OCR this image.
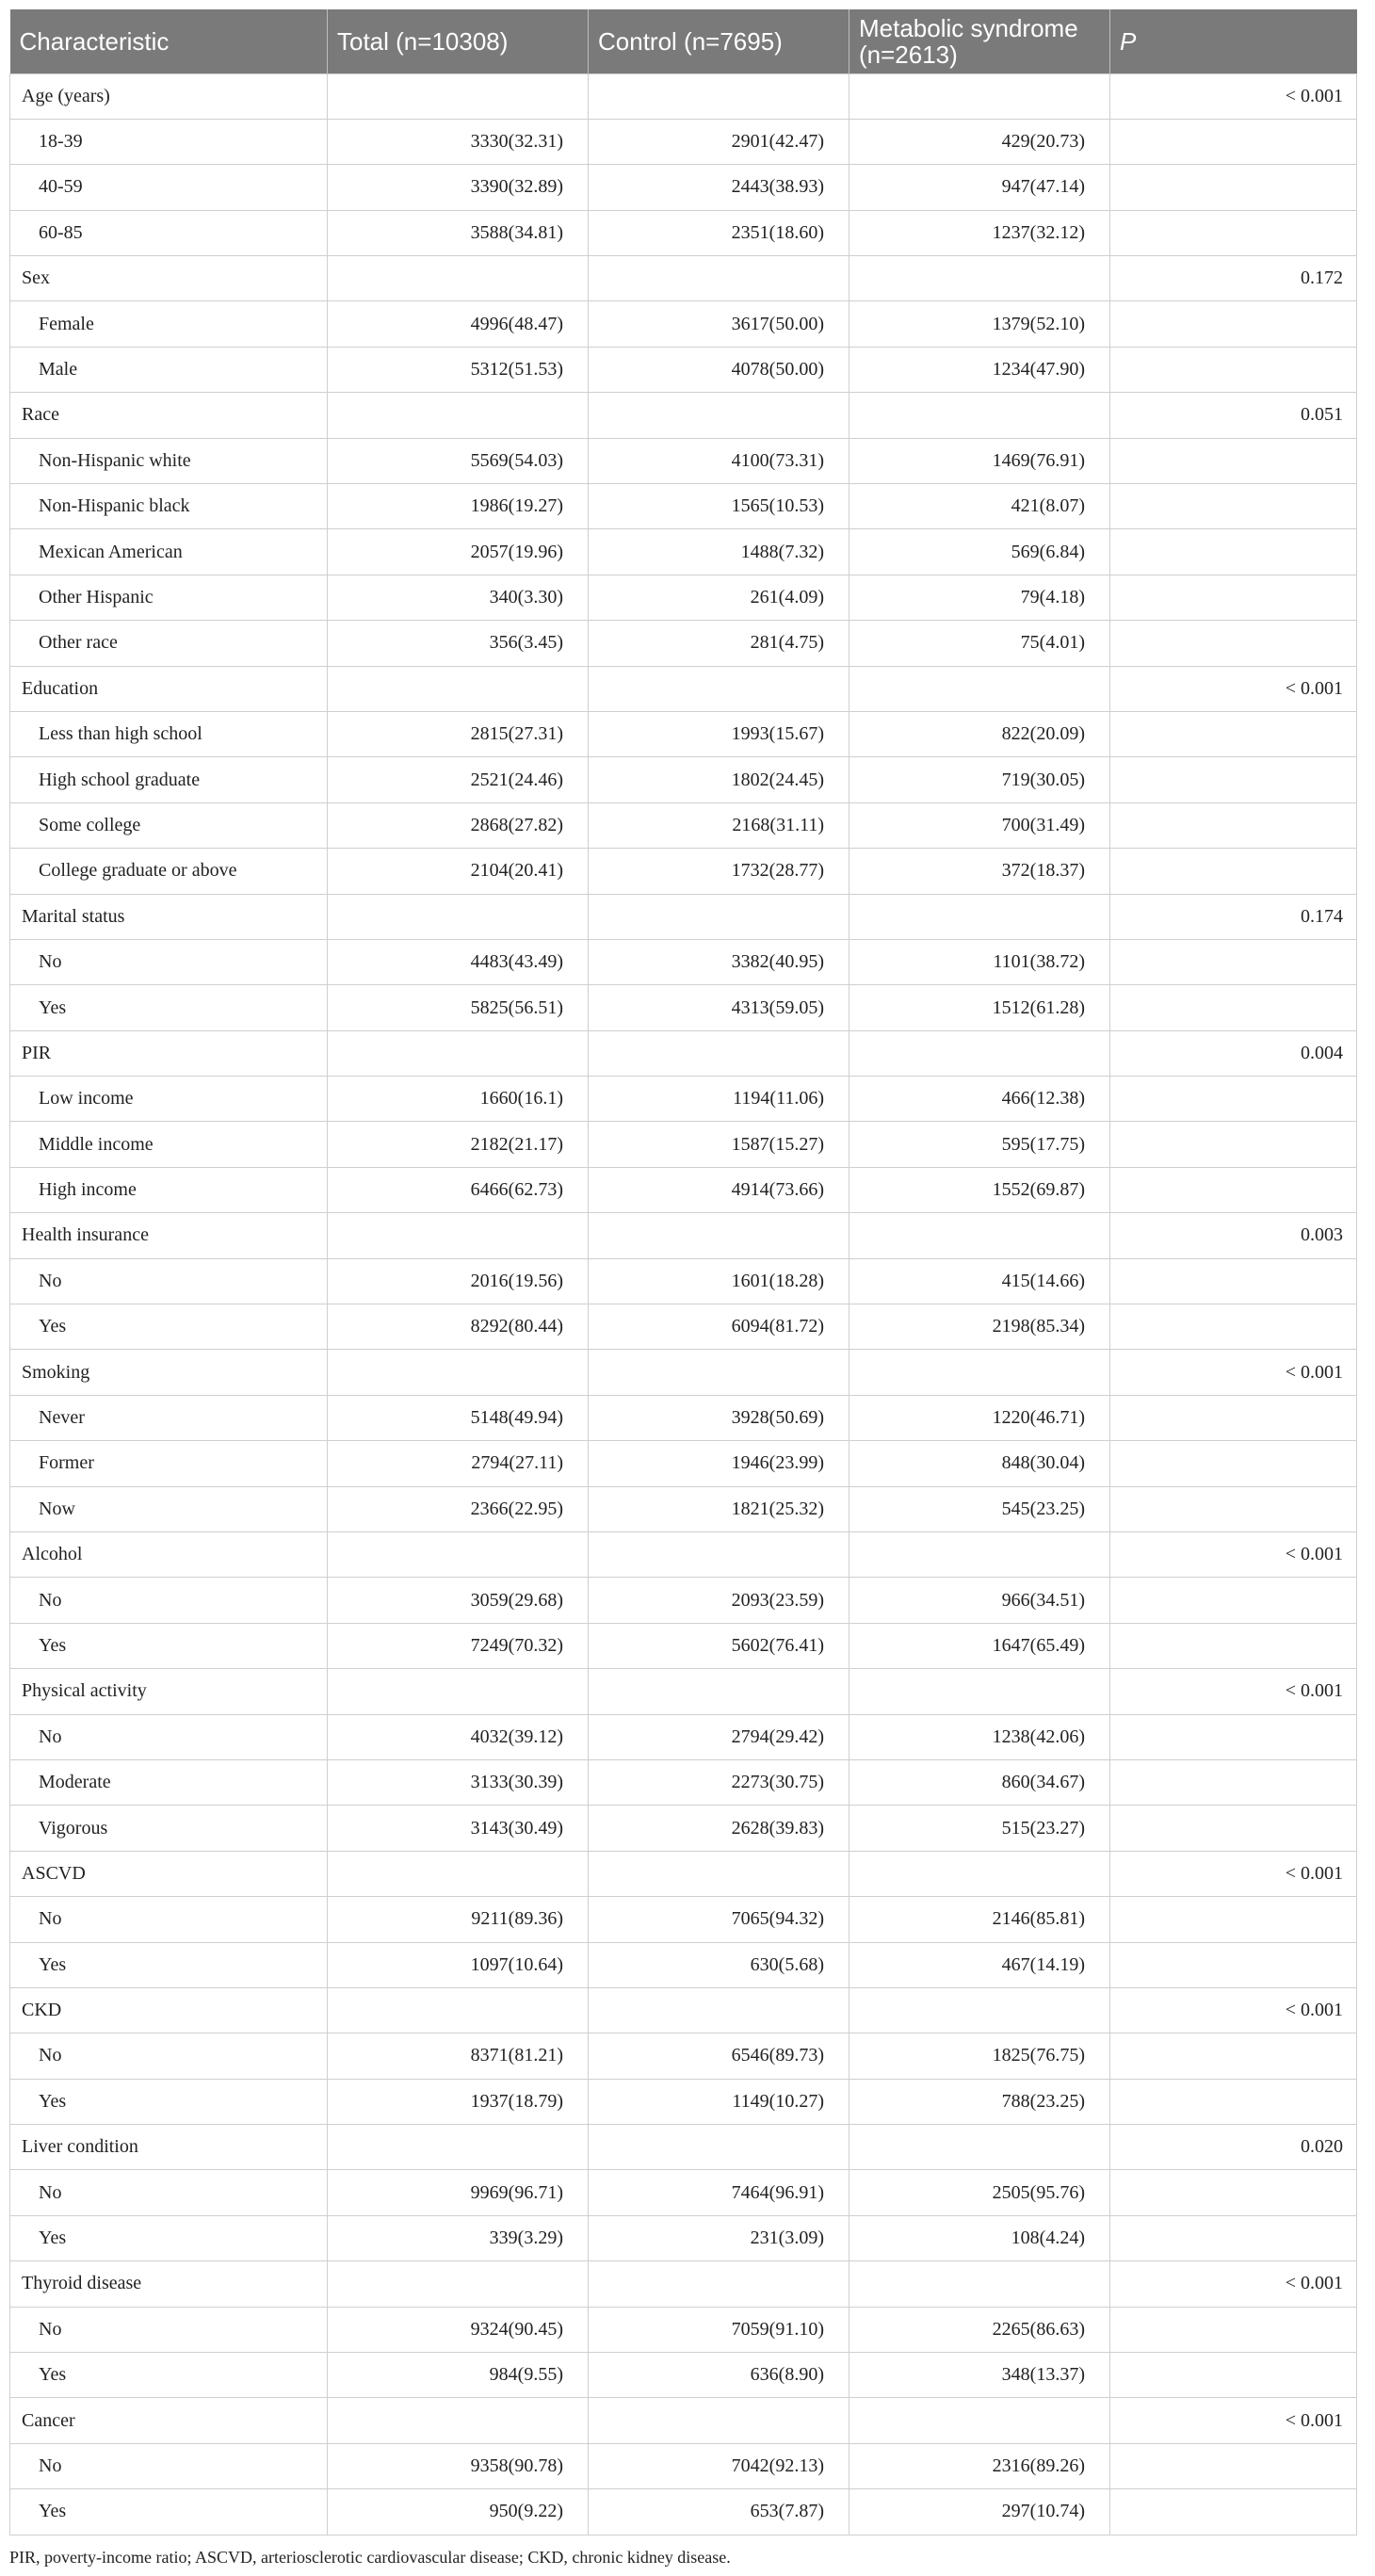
Characteristic	Total (n=10308)	Control (n=7695)	Metabolic syndrome (n=2613)	P
Age (years)				< 0.001
18-39	3330(32.31)	2901(42.47)	429(20.73)	
40-59	3390(32.89)	2443(38.93)	947(47.14)	
60-85	3588(34.81)	2351(18.60)	1237(32.12)	
Sex				0.172
Female	4996(48.47)	3617(50.00)	1379(52.10)	
Male	5312(51.53)	4078(50.00)	1234(47.90)	
Race				0.051
Non-Hispanic white	5569(54.03)	4100(73.31)	1469(76.91)	
Non-Hispanic black	1986(19.27)	1565(10.53)	421(8.07)	
Mexican American	2057(19.96)	1488(7.32)	569(6.84)	
Other Hispanic	340(3.30)	261(4.09)	79(4.18)	
Other race	356(3.45)	281(4.75)	75(4.01)	
Education				< 0.001
Less than high school	2815(27.31)	1993(15.67)	822(20.09)	
High school graduate	2521(24.46)	1802(24.45)	719(30.05)	
Some college	2868(27.82)	2168(31.11)	700(31.49)	
College graduate or above	2104(20.41)	1732(28.77)	372(18.37)	
Marital status				0.174
No	4483(43.49)	3382(40.95)	1101(38.72)	
Yes	5825(56.51)	4313(59.05)	1512(61.28)	
PIR				0.004
Low income	1660(16.1)	1194(11.06)	466(12.38)	
Middle income	2182(21.17)	1587(15.27)	595(17.75)	
High income	6466(62.73)	4914(73.66)	1552(69.87)	
Health insurance				0.003
No	2016(19.56)	1601(18.28)	415(14.66)	
Yes	8292(80.44)	6094(81.72)	2198(85.34)	
Smoking				< 0.001
Never	5148(49.94)	3928(50.69)	1220(46.71)	
Former	2794(27.11)	1946(23.99)	848(30.04)	
Now	2366(22.95)	1821(25.32)	545(23.25)	
Alcohol				< 0.001
No	3059(29.68)	2093(23.59)	966(34.51)	
Yes	7249(70.32)	5602(76.41)	1647(65.49)	
Physical activity				< 0.001
No	4032(39.12)	2794(29.42)	1238(42.06)	
Moderate	3133(30.39)	2273(30.75)	860(34.67)	
Vigorous	3143(30.49)	2628(39.83)	515(23.27)	
ASCVD				< 0.001
No	9211(89.36)	7065(94.32)	2146(85.81)	
Yes	1097(10.64)	630(5.68)	467(14.19)	
CKD				< 0.001
No	8371(81.21)	6546(89.73)	1825(76.75)	
Yes	1937(18.79)	1149(10.27)	788(23.25)	
Liver condition				0.020
No	9969(96.71)	7464(96.91)	2505(95.76)	
Yes	339(3.29)	231(3.09)	108(4.24)	
Thyroid disease				< 0.001
No	9324(90.45)	7059(91.10)	2265(86.63)	
Yes	984(9.55)	636(8.90)	348(13.37)	
Cancer				< 0.001
No	9358(90.78)	7042(92.13)	2316(89.26)	
Yes	950(9.22)	653(7.87)	297(10.74)	
PIR, poverty-income ratio; ASCVD, arteriosclerotic cardiovascular disease; CKD, chronic kidney disease.
